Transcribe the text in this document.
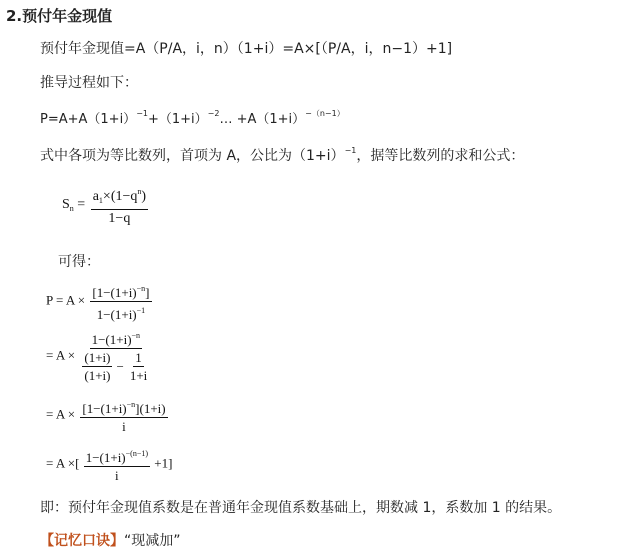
2.预付年金现值
预付年金现值=A（P/A，i，n）（1+i）=A×[（P/A，i，n−1）+1]
推导过程如下：
$P=A+A(1+i)^{-1}+(1+i)^{-2}\dots +A(1+i)^{-(n-1)}$
式中各项为等比数列，首项为 A，公比为$(1+i)^{-1}$，据等比数列的求和公式：
$S_n = \frac{a_1\times(1-q^n)}{1-q}$
可得：
$P = A \times \frac{[1-(1+i)^{-n}]}{1-(1+i)^{-1}}$
= A ×
$1-(1+i)^{-n}$
$\frac{(1+i)}{(1+i)} - \frac{1}{1+i}$
= $A \times \frac{[1-(1+i)^{-n}](1+i)}{i}$
= A ×[ $\frac{1-(1+i)^{-(n-1)}}{i} +1$]
即：预付年金现值系数是在普通年金现值系数基础上，期数减 1，系数加 1 的结果。
【记忆口诀】“现减加”
